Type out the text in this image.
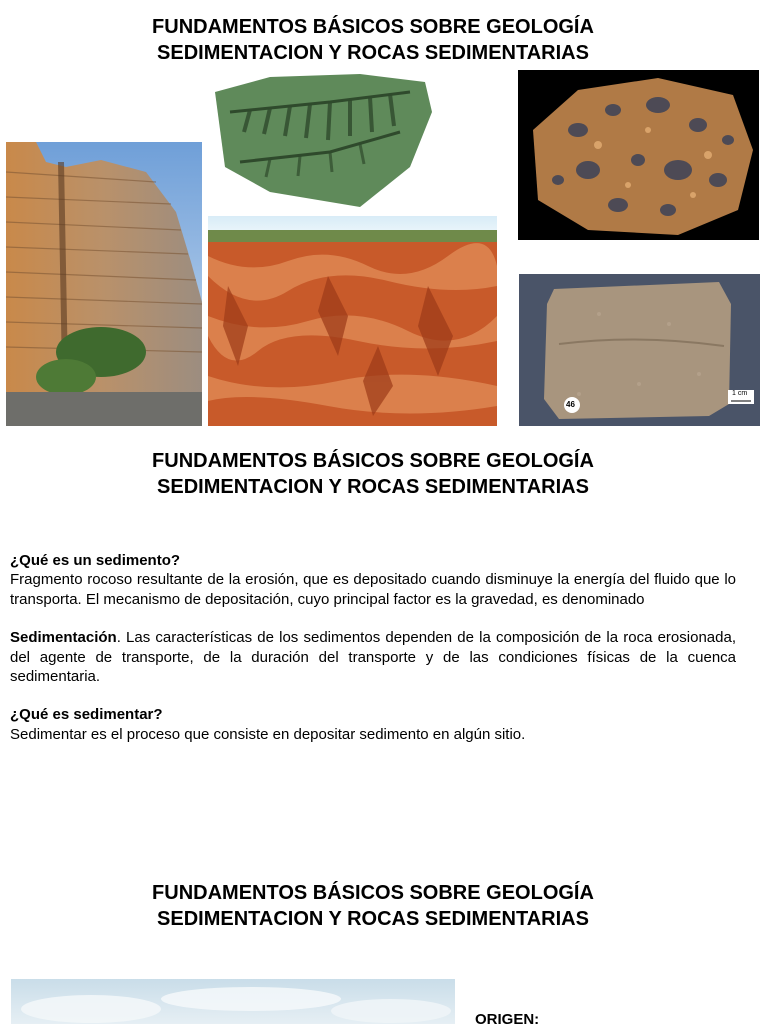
FUNDAMENTOS BÁSICOS SOBRE GEOLOGÍA
SEDIMENTACION Y ROCAS SEDIMENTARIAS
46
1 cm
FUNDAMENTOS BÁSICOS SOBRE GEOLOGÍA
SEDIMENTACION Y ROCAS SEDIMENTARIAS

¿Qué es un sedimento?

Fragmento rocoso resultante de la erosión, que es depositado cuando disminuye la energía del fluido que lo transporta. El mecanismo de depositación, cuyo principal factor es la gravedad, es denominado

Sedimentación. Las características de los sedimentos dependen de la composición de la roca erosionada, del agente de transporte, de la duración del transporte y de las condiciones físicas de la cuenca sedimentaria.

¿Qué es sedimentar?

Sedimentar es el proceso que consiste en depositar sedimento en algún sitio.

FUNDAMENTOS BÁSICOS SOBRE GEOLOGÍA
SEDIMENTACION Y ROCAS SEDIMENTARIAS
ORIGEN:
